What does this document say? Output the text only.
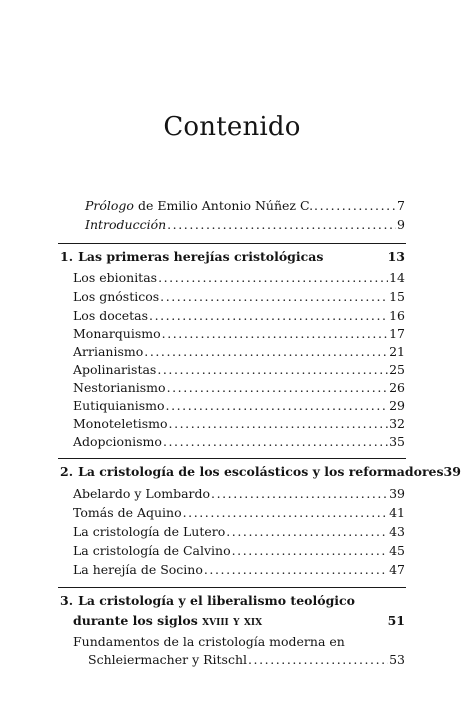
Contenido
Prólogo de Emilio Antonio Núñez C. . . .	7
Introducción . . .	9
1. Las primeras herejías cristológicas	13
Los ebionitas . . .	14
Los gnósticos . . .	15
Los docetas . . .	16
Monarquismo . . .	17
Arrianismo . . .	21
Apolinaristas . . .	25
Nestorianismo . . .	26
Eutiquianismo . . .	29
Monoteletismo . . .	32
Adopcionismo . . .	35
2. La cristología de los escolásticos y los reformadores 39
Abelardo y Lombardo . . .	39
Tomás de Aquino . . .	41
La cristología de Lutero . . .	43
La cristología de Calvino . . .	45
La herejía de Socino . . .	47
3. La cristología y el liberalismo teológico
durante los siglos xviii y xix	51
Fundamentos de la cristología moderna en
Schleiermacher y Ritschl . . .	53
